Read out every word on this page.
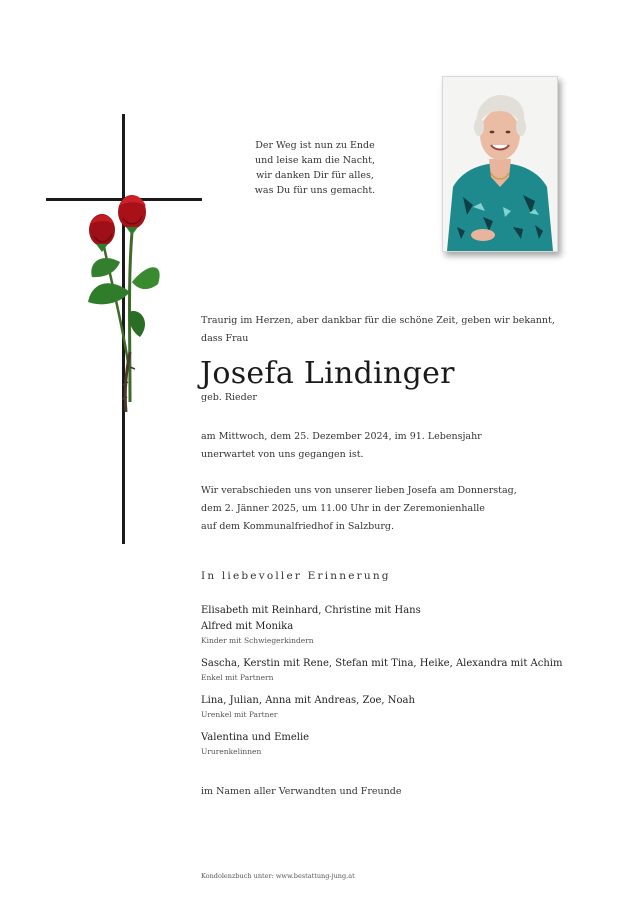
Der Weg ist nun zu Ende
und leise kam die Nacht,
wir danken Dir für alles,
was Du für uns gemacht.
Traurig im Herzen, aber dankbar für die schöne Zeit, geben wir bekannt,
dass Frau
Josefa Lindinger
geb. Rieder
am Mittwoch, dem 25. Dezember 2024, im 91. Lebensjahr
unerwartet von uns gegangen ist.
Wir verabschieden uns von unserer lieben Josefa am Donnerstag,
dem 2. Jänner 2025, um 11.00 Uhr in der Zeremonienhalle
auf dem Kommunalfriedhof in Salzburg.
In liebevoller Erinnerung
Elisabeth mit Reinhard, Christine mit Hans
Alfred mit Monika
Kinder mit Schwiegerkindern
Sascha, Kerstin mit Rene, Stefan mit Tina, Heike, Alexandra mit Achim
Enkel mit Partnern
Lina, Julian, Anna mit Andreas, Zoe, Noah
Urenkel mit Partner
Valentina und Emelie
Ururenkelinnen
im Namen aller Verwandten und Freunde
Kondolenzbuch unter: www.bestattung-jung.at
